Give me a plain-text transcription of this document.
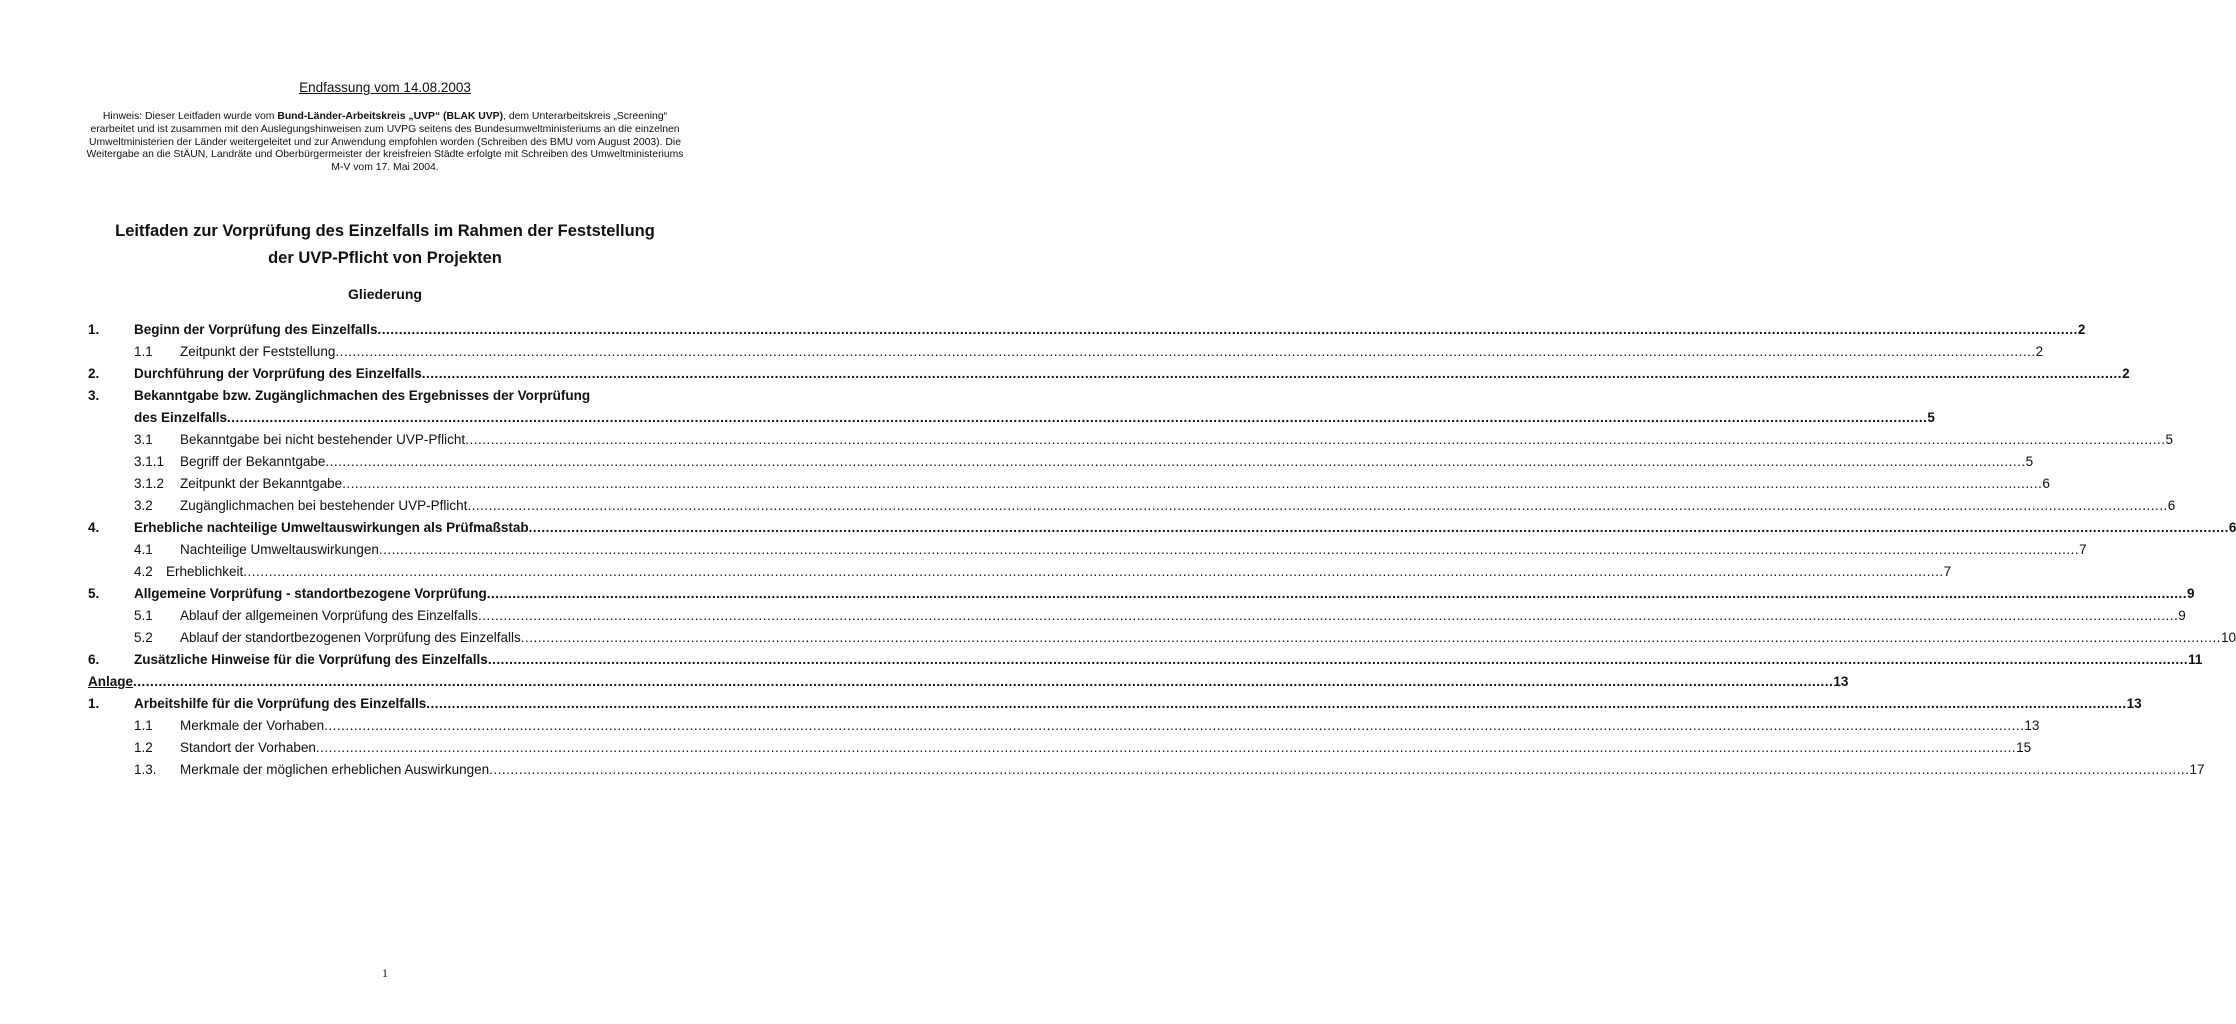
Endfassung vom 14.08.2003
Hinweis: Dieser Leitfaden wurde vom Bund-Länder-Arbeitskreis „UVP“ (BLAK UVP), dem Unterarbeitskreis „Screening“ erarbeitet und ist zusammen mit den Auslegungshinweisen zum UVPG seitens des Bundesumweltministeriums an die einzelnen Umweltministerien der Länder weitergeleitet und zur Anwendung empfohlen worden (Schreiben des BMU vom August 2003). Die Weitergabe an die StÄUN, Landräte und Oberbürgermeister der kreisfreien Städte erfolgte mit Schreiben des Umweltministeriums M-V vom 17. Mai 2004.
Leitfaden zur Vorprüfung des Einzelfalls im Rahmen der Feststellung
der UVP-Pflicht von Projekten
Gliederung
1.	Beginn der Vorprüfung des Einzelfalls ................................................................................................................................................................................................................................................................................................................................................................................................................ 2
1.1 Zeitpunkt der Feststellung ................................................................................................................................................................................................................................................................................................................................................................................................................ 2
2.	Durchführung der Vorprüfung des Einzelfalls ................................................................................................................................................................................................................................................................................................................................................................................................................ 2
3.	Bekanntgabe bzw. Zugänglichmachen des Ergebnisses der Vorprüfung
des Einzelfalls ................................................................................................................................................................................................................................................................................................................................................................................................................ 5
3.1 Bekanntgabe bei nicht bestehender UVP-Pflicht ................................................................................................................................................................................................................................................................................................................................................................................................................ 5
3.1.1 Begriff der Bekanntgabe ................................................................................................................................................................................................................................................................................................................................................................................................................ 5
3.1.2 Zeitpunkt der Bekanntgabe ................................................................................................................................................................................................................................................................................................................................................................................................................ 6
3.2 Zugänglichmachen bei bestehender UVP-Pflicht ................................................................................................................................................................................................................................................................................................................................................................................................................ 6
4.	Erhebliche nachteilige Umweltauswirkungen als Prüfmaßstab ................................................................................................................................................................................................................................................................................................................................................................................................................ 6
4.1 Nachteilige Umweltauswirkungen ................................................................................................................................................................................................................................................................................................................................................................................................................ 7
4.2 Erheblichkeit ................................................................................................................................................................................................................................................................................................................................................................................................................ 7
5.	Allgemeine Vorprüfung - standortbezogene Vorprüfung ................................................................................................................................................................................................................................................................................................................................................................................................................ 9
5.1 Ablauf der allgemeinen Vorprüfung des Einzelfalls ................................................................................................................................................................................................................................................................................................................................................................................................................ 9
5.2 Ablauf der standortbezogenen Vorprüfung des Einzelfalls ................................................................................................................................................................................................................................................................................................................................................................................................................ 10
6.	Zusätzliche Hinweise für die Vorprüfung des Einzelfalls ................................................................................................................................................................................................................................................................................................................................................................................................................ 11
Anlage ................................................................................................................................................................................................................................................................................................................................................................................................................ 13
1.	Arbeitshilfe für die Vorprüfung des Einzelfalls ................................................................................................................................................................................................................................................................................................................................................................................................................ 13
1.1 Merkmale der Vorhaben ................................................................................................................................................................................................................................................................................................................................................................................................................ 13
1.2 Standort der Vorhaben ................................................................................................................................................................................................................................................................................................................................................................................................................ 15
1.3. Merkmale der möglichen erheblichen Auswirkungen ................................................................................................................................................................................................................................................................................................................................................................................................................ 17
1
